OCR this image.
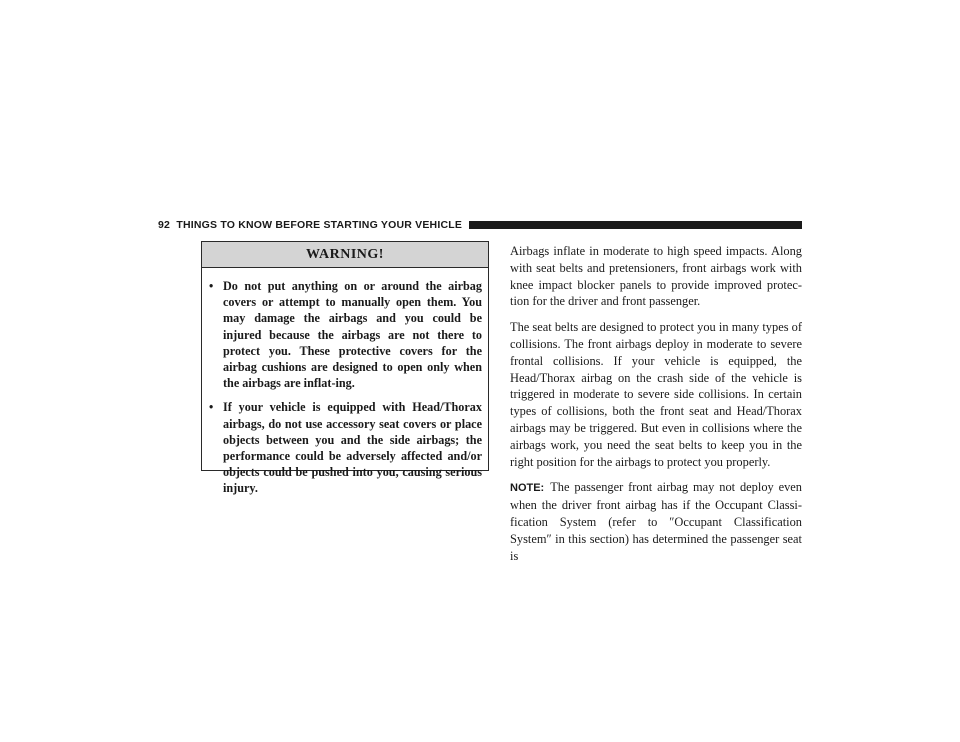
92 THINGS TO KNOW BEFORE STARTING YOUR VEHICLE
WARNING!
• Do not put anything on or around the airbag covers or attempt to manually open them. You may damage the airbags and you could be injured because the airbags are not there to protect you. These protective covers for the airbag cushions are designed to open only when the airbags are inflat-ing.
• If your vehicle is equipped with Head/Thorax airbags, do not use accessory seat covers or place objects between you and the side airbags; the performance could be adversely affected and/or objects could be pushed into you, causing serious injury.

Airbags inflate in moderate to high speed impacts. Along with seat belts and pretensioners, front airbags work with knee impact blocker panels to provide improved protec-tion for the driver and front passenger.

The seat belts are designed to protect you in many types of collisions. The front airbags deploy in moderate to severe frontal collisions. If your vehicle is equipped, the Head/Thorax airbag on the crash side of the vehicle is triggered in moderate to severe side collisions. In certain types of collisions, both the front seat and Head/Thorax airbags may be triggered. But even in collisions where the airbags work, you need the seat belts to keep you in the right position for the airbags to protect you properly.

NOTE: The passenger front airbag may not deploy even when the driver front airbag has if the Occupant Classi-fication System (refer to ″Occupant Classification System″ in this section) has determined the passenger seat is
